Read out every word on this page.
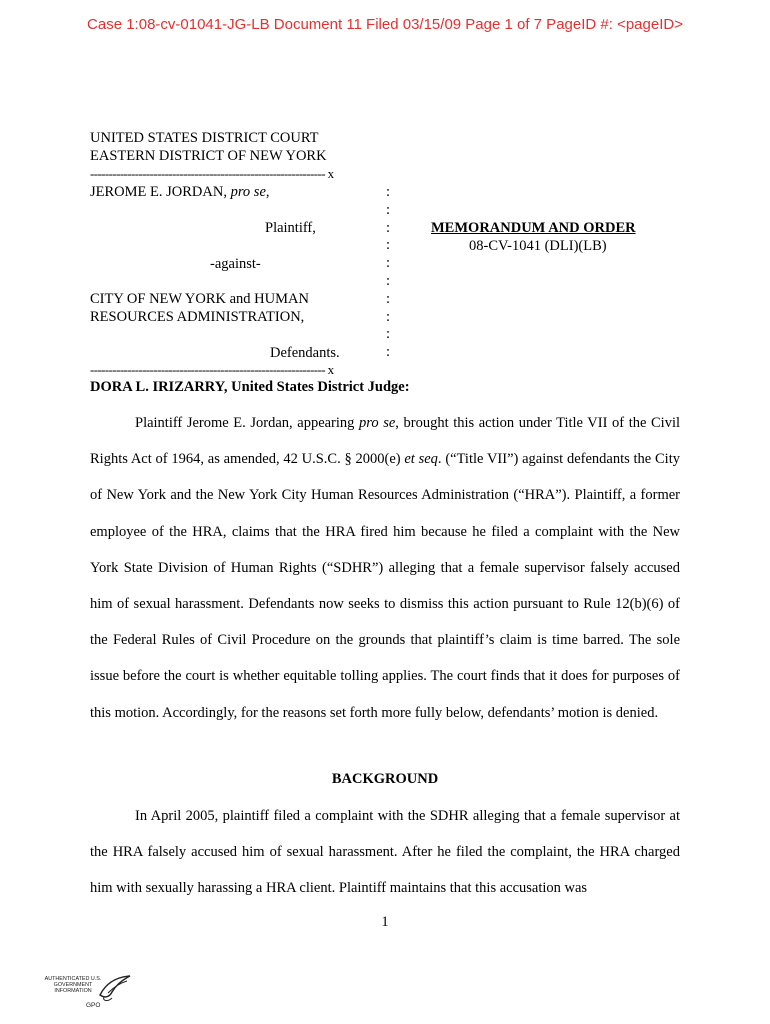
Case 1:08-cv-01041-JG-LB Document 11 Filed 03/15/09 Page 1 of 7 PageID #: <pageID>
UNITED STATES DISTRICT COURT
EASTERN DISTRICT OF NEW YORK
--------------------------------------------------------------- x
JEROME E. JORDAN, pro se,
Plaintiff,
-against-
CITY OF NEW YORK and HUMAN
RESOURCES ADMINISTRATION,
Defendants.
--------------------------------------------------------------- x
:
:
:
:
:
:
:
:
:
:
MEMORANDUM AND ORDER
08-CV-1041 (DLI)(LB)
DORA L. IRIZARRY, United States District Judge:

Plaintiff Jerome E. Jordan, appearing pro se, brought this action under Title VII of the Civil Rights Act of 1964, as amended, 42 U.S.C. § 2000(e) et seq. (“Title VII”) against defendants the City of New York and the New York City Human Resources Administration (“HRA”). Plaintiff, a former employee of the HRA, claims that the HRA fired him because he filed a complaint with the New York State Division of Human Rights (“SDHR”) alleging that a female supervisor falsely accused him of sexual harassment. Defendants now seeks to dismiss this action pursuant to Rule 12(b)(6) of the Federal Rules of Civil Procedure on the grounds that plaintiff’s claim is time barred. The sole issue before the court is whether equitable tolling applies. The court finds that it does for purposes of this motion. Accordingly, for the reasons set forth more fully below, defendants’ motion is denied.

BACKGROUND

In April 2005, plaintiff filed a complaint with the SDHR alleging that a female supervisor at the HRA falsely accused him of sexual harassment. After he filed the complaint, the HRA charged him with sexually harassing a HRA client. Plaintiff maintains that this accusation was

1
AUTHENTICATED U.S. GOVERNMENT INFORMATION
GPO
